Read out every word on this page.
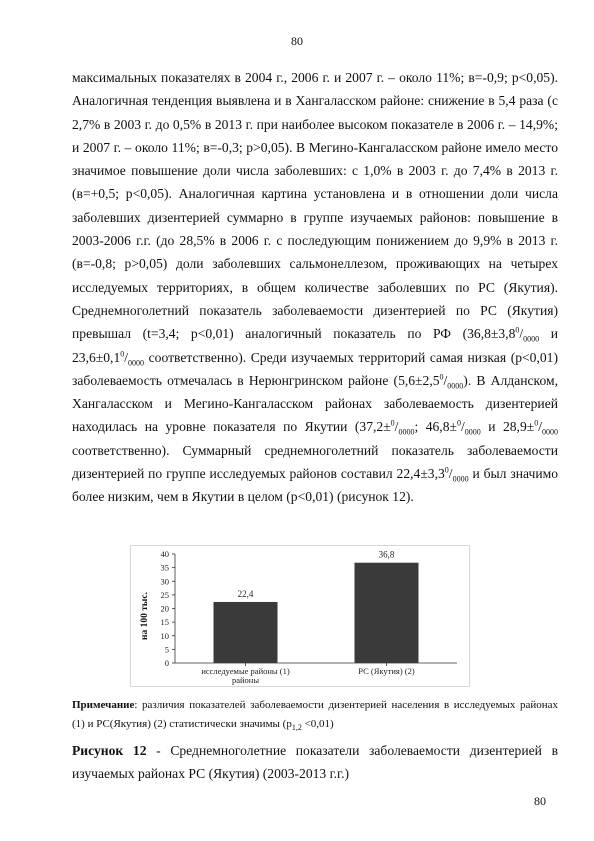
80

максимальных показателях в 2004 г., 2006 г. и 2007 г. – около 11%; в=-0,9; p<0,05). Аналогичная тенденция выявлена и в Хангаласском районе: снижение в 5,4 раза (с 2,7% в 2003 г. до 0,5% в 2013 г. при наиболее высоком показателе в 2006 г. – 14,9%; и 2007 г. – около 11%; в=-0,3; p>0,05). В Мегино-Кангаласском районе имело место значимое повышение доли числа заболевших: с 1,0% в 2003 г. до 7,4% в 2013 г. (в=+0,5; p<0,05). Аналогичная картина установлена и в отношении доли числа заболевших дизентерией суммарно в группе изучаемых районов: повышение в 2003-2006 г.г. (до 28,5% в 2006 г. с последующим понижением до 9,9% в 2013 г. (в=-0,8; p>0,05) доли заболевших сальмонеллезом, проживающих на четырех исследуемых территориях, в общем количестве заболевших по РС (Якутия). Среднемноголетний показатель заболеваемости дизентерией по РС (Якутия) превышал (t=3,4; p<0,01) аналогичный показатель по РФ ($36,8\pm 3,8^0/_{0000}$ и $23,6\pm 0,1^0/_{0000}$ соответственно). Среди изучаемых территорий самая низкая (p<0,01) заболеваемость отмечалась в Нерюнгринском районе $(5,6\pm 2,5^0/_{0000})$. В Алданском, Хангаласском и Мегино-Кангаласском районах заболеваемость дизентерией находилась на уровне показателя по Якутии ($37,2\pm^0/_{0000}$; $46,8\pm^0/_{0000}$ и $28,9\pm^0/_{0000}$ соответственно). Суммарный среднемноголетний показатель заболеваемости дизентерией по группе исследуемых районов составил $22,4\pm 3,3^0/_{0000}$ и был значимо более низким, чем в Якутии в целом (p<0,01) (рисунок 12).

на 100 тыс.
0
5
10
15
20
25
30
35
40
22,4
исследуемые районы (1)
районы
36,8
РС (Якутия) (2)
Примечание: различия показателей заболеваемости дизентерией населения в исследуемых районах (1) и РС(Якутия) (2) статистически значимы $(p_{1,2} <0,01)$
Рисунок 12 - Среднемноголетние показатели заболеваемости дизентерией в изучаемых районах РС (Якутия) (2003-2013 г.г.)
80
